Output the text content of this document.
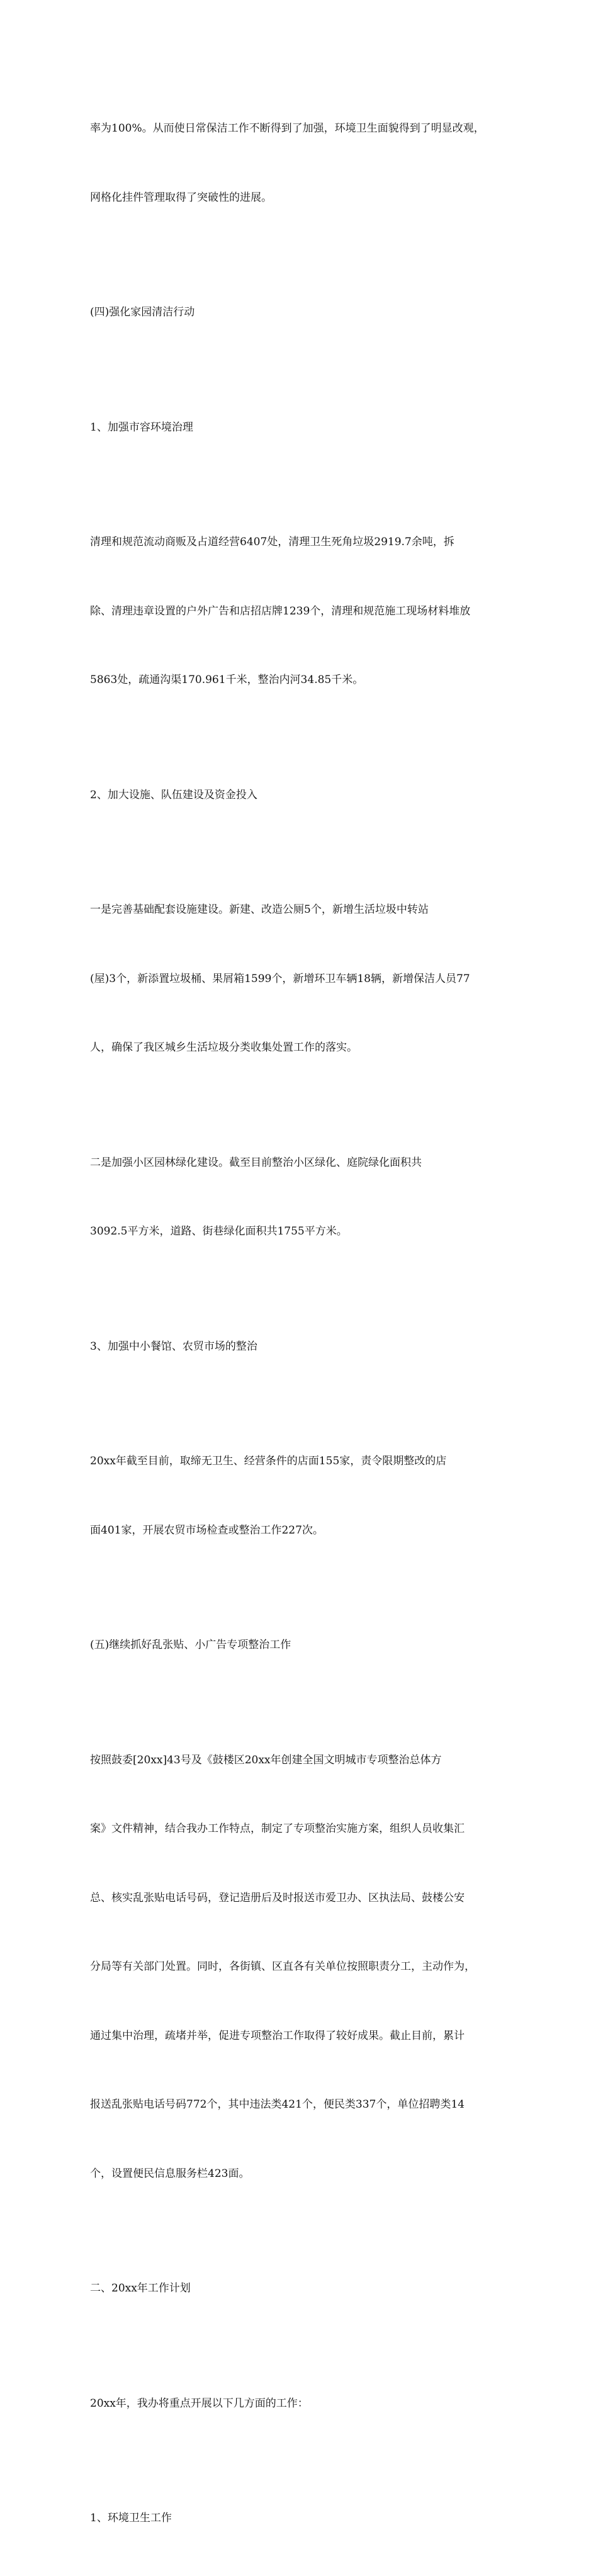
率为100%。从而使日常保洁工作不断得到了加强，环境卫生面貌得到了明显改观，

网格化挂件管理取得了突破性的进展。

(四)强化家园清洁行动

1、加强市容环境治理

清理和规范流动商贩及占道经营6407处，清理卫生死角垃圾2919.7余吨，拆

除、清理违章设置的户外广告和店招店牌1239个，清理和规范施工现场材料堆放

5863处，疏通沟渠170.961千米，整治内河34.85千米。

2、加大设施、队伍建设及资金投入

一是完善基础配套设施建设。新建、改造公厕5个，新增生活垃圾中转站

(屋)3个，新添置垃圾桶、果屑箱1599个，新增环卫车辆18辆，新增保洁人员77

人，确保了我区城乡生活垃圾分类收集处置工作的落实。

二是加强小区园林绿化建设。截至目前整治小区绿化、庭院绿化面积共

3092.5平方米，道路、街巷绿化面积共1755平方米。

3、加强中小餐馆、农贸市场的整治

20xx年截至目前，取缔无卫生、经营条件的店面155家，责令限期整改的店

面401家，开展农贸市场检查或整治工作227次。

(五)继续抓好乱张贴、小广告专项整治工作

按照鼓委[20xx]43号及《鼓楼区20xx年创建全国文明城市专项整治总体方

案》文件精神，结合我办工作特点，制定了专项整治实施方案，组织人员收集汇

总、核实乱张贴电话号码，登记造册后及时报送市爱卫办、区执法局、鼓楼公安

分局等有关部门处置。同时，各街镇、区直各有关单位按照职责分工，主动作为，

通过集中治理，疏堵并举，促进专项整治工作取得了较好成果。截止目前，累计

报送乱张贴电话号码772个，其中违法类421个，便民类337个，单位招聘类14

个，设置便民信息服务栏423面。

二、20xx年工作计划

20xx年，我办将重点开展以下几方面的工作：

1、环境卫生工作
